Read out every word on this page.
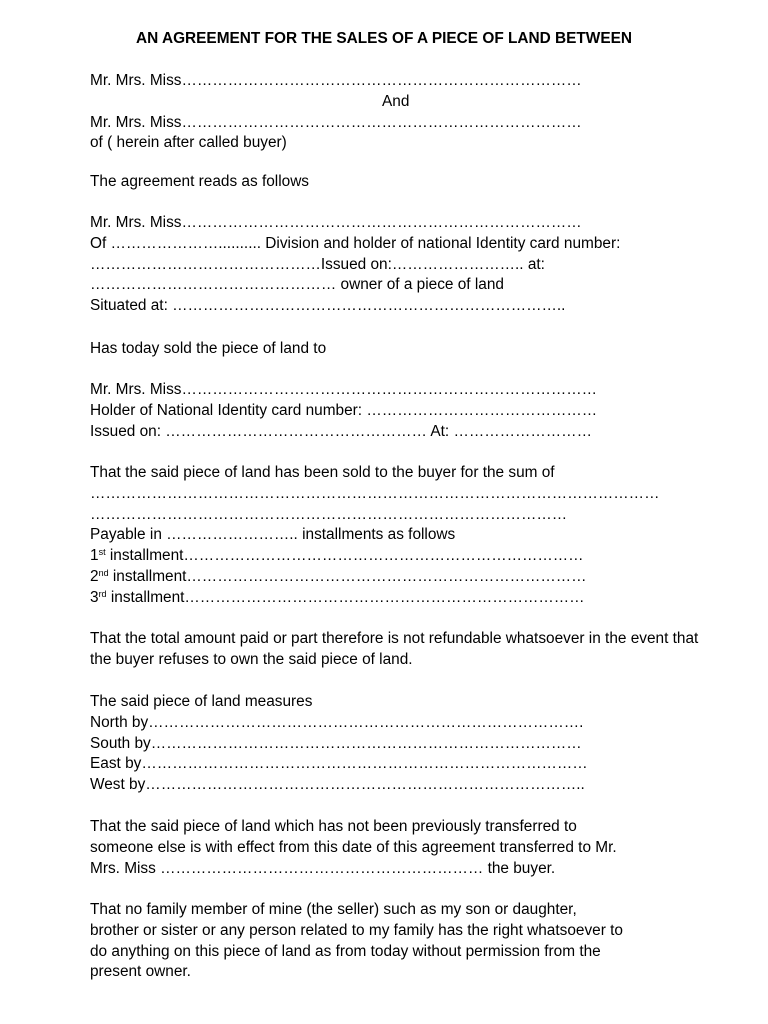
AN AGREEMENT FOR THE SALES OF A PIECE OF LAND BETWEEN
Mr. Mrs. Miss……………………………………………………………………
And
Mr. Mrs. Miss……………………………………………………………………
of ( herein after called buyer)
The agreement reads as follows
Mr. Mrs. Miss……………………………………………………………………
Of ………………….......... Division and holder of national Identity card number:
………………………………………Issued on:…………………….. at:
………………………………………… owner of a piece of land
Situated at: …………………………………………………………………..
Has today sold the piece of land to
Mr. Mrs. Miss………………………………………………………………………
Holder of National Identity card number: ………………………………………
Issued on: …………………………………………… At: ………………………
That the said piece of land has been sold to the buyer for the sum of
…………………………………………………………………………………………………
…………………………………………………………………………………
Payable in …………………….. installments as follows
1st installment……………………………………………………………………
2nd installment……………………………………………………………………
3rd installment……………………………………………………………………
That the total amount paid or part therefore is not refundable whatsoever in the event that the buyer refuses to own the said piece of land.
The said piece of land measures
North by………………………………………………………………………….
South by…………………………………………………………………………
East by……………………………………………………………………………
West by…………………………………………………………………………..
That the said piece of land which has not been previously transferred to
someone else is with effect from this date of this agreement transferred to Mr.
Mrs. Miss ……………………………………………………… the buyer.
That no family member of mine (the seller) such as my son or daughter,
brother or sister or any person related to my family has the right whatsoever to
do anything on this piece of land as from today without permission from the
present owner.
